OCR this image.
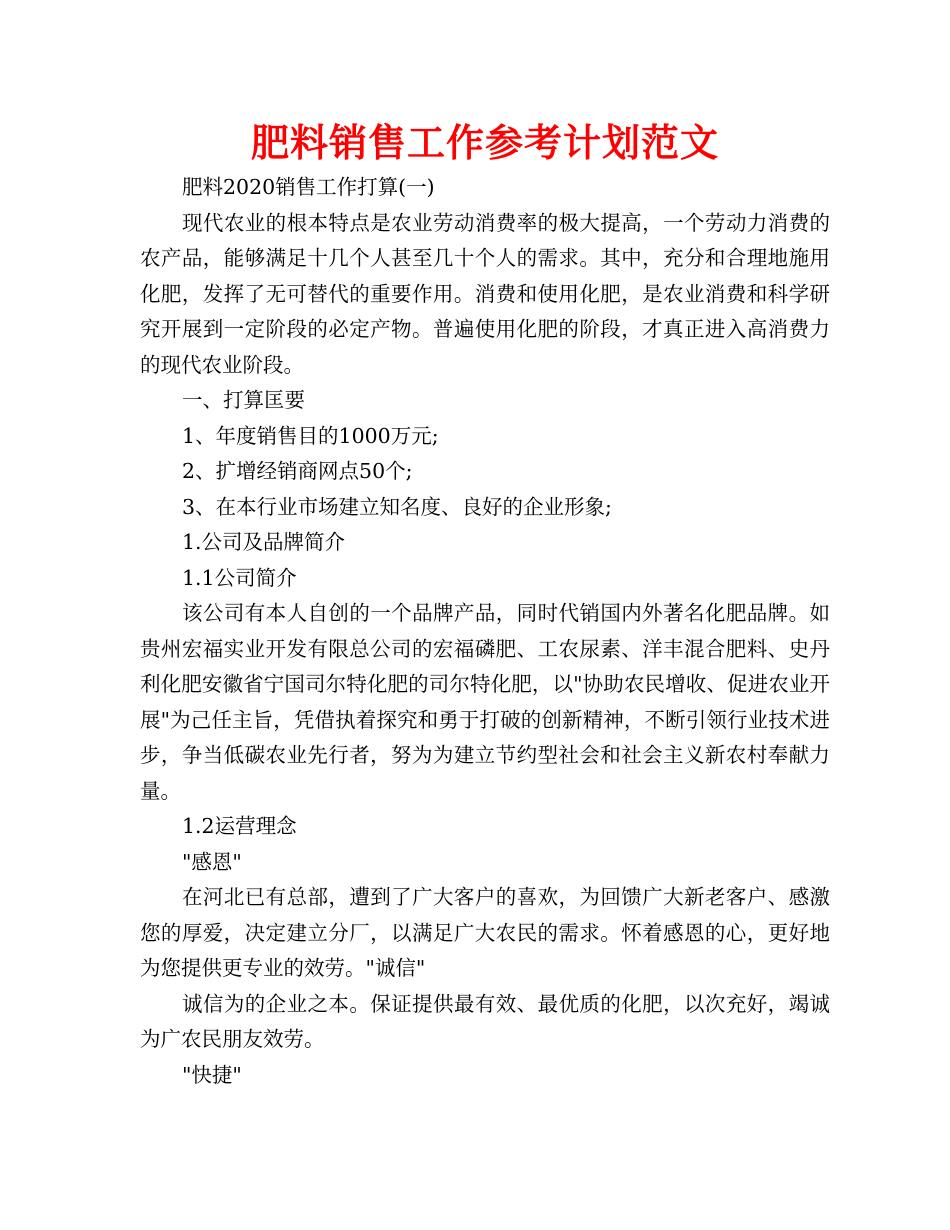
肥料销售工作参考计划范文

肥料2020销售工作打算(一)

现代农业的根本特点是农业劳动消费率的极大提高，一个劳动力消费的农产品，能够满足十几个人甚至几十个人的需求。其中，充分和合理地施用化肥，发挥了无可替代的重要作用。消费和使用化肥，是农业消费和科学研究开展到一定阶段的必定产物。普遍使用化肥的阶段，才真正进入高消费力的现代农业阶段。

一、打算匡要

1、年度销售目的1000万元;

2、扩增经销商网点50个;

3、在本行业市场建立知名度、良好的企业形象;

1.公司及品牌简介

1.1公司简介

该公司有本人自创的一个品牌产品，同时代销国内外著名化肥品牌。如贵州宏福实业开发有限总公司的宏福磷肥、工农尿素、洋丰混合肥料、史丹利化肥安徽省宁国司尔特化肥的司尔特化肥，以"协助农民增收、促进农业开展"为己任主旨，凭借执着探究和勇于打破的创新精神，不断引领行业技术进步，争当低碳农业先行者，努为为建立节约型社会和社会主义新农村奉献力量。

1.2运营理念

"感恩"

在河北已有总部，遭到了广大客户的喜欢，为回馈广大新老客户、感激您的厚爱，决定建立分厂，以满足广大农民的需求。怀着感恩的心，更好地为您提供更专业的效劳。"诚信"

诚信为的企业之本。保证提供最有效、最优质的化肥，以次充好，竭诚为广农民朋友效劳。

"快捷"
